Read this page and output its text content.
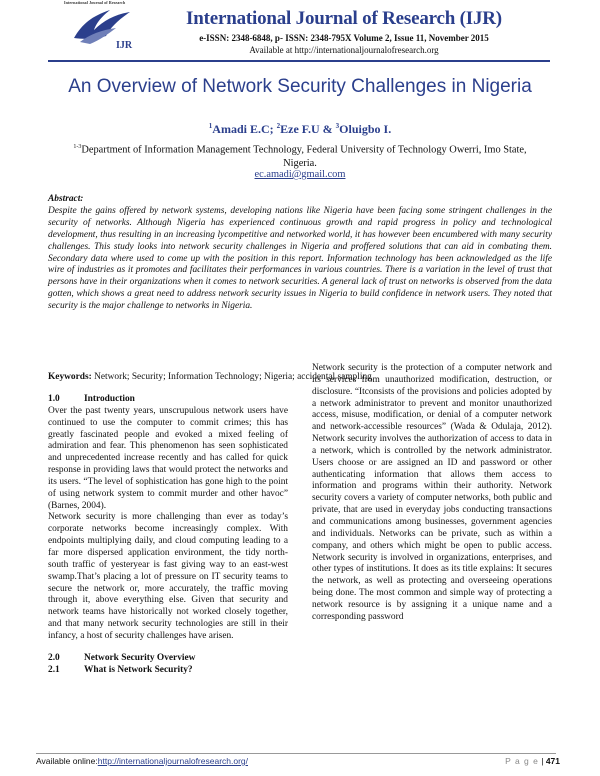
International Journal of Research
IJR
International Journal of Research (IJR)
e-ISSN: 2348-6848, p- ISSN: 2348-795X Volume 2, Issue 11, November 2015
Available at http://internationaljournalofresearch.org
An Overview of Network Security Challenges in Nigeria
$^1$Amadi E.C; $^2$Eze F.U & $^3$Oluigbo I.
$^{1-3}$Department of Information Management Technology, Federal University of Technology Owerri, Imo State, Nigeria.
ec.amadi@gmail.com
Abstract:
Despite the gains offered by network systems, developing nations like Nigeria have been facing some stringent challenges in the security of networks. Although Nigeria has experienced continuous growth and rapid progress in policy and technological development, thus resulting in an increasing lycompetitive and networked world, it has however been encumbered with many security challenges. This study looks into network security challenges in Nigeria and proffered solutions that can aid in combating them. Secondary data where used to come up with the position in this report. Information technology has been acknowledged as the life wire of industries as it promotes and facilitates their performances in various countries. There is a variation in the level of trust that persons have in their organizations when it comes to network securities. A general lack of trust on networks is observed from the data gotten, which shows a great need to address network security issues in Nigeria to build confidence in network users. They noted that security is the major challenge to networks in Nigeria.
Keywords: Network; Security; Information Technology; Nigeria; accidental sampling
1.0	Introduction

Over the past twenty years, unscrupulous network users have continued to use the computer to commit crimes; this has greatly fascinated people and evoked a mixed feeling of admiration and fear. This phenomenon has seen sophisticated and unprecedented increase recently and has called for quick response in providing laws that would protect the networks and its users. “The level of sophistication has gone high to the point of using network system to commit murder and other havoc” (Barnes, 2004).

Network security is more challenging than ever as today’s corporate networks become increasingly complex. With endpoints multiplying daily, and cloud computing leading to a far more dispersed application environment, the tidy north-south traffic of yesteryear is fast giving way to an east-west swamp.That’s placing a lot of pressure on IT security teams to secure the network or, more accurately, the traffic moving through it, above everything else. Given that security and network teams have historically not worked closely together, and that many network security technologies are still in their infancy, a host of security challenges have arisen.

2.0	Network Security Overview
2.1	What is Network Security?

Network security is the protection of a computer network and its services from unauthorized modification, destruction, or disclosure. “Itconsists of the provisions and policies adopted by a network administrator to prevent and monitor unauthorized access, misuse, modification, or denial of a computer network and network-accessible resources” (Wada & Odulaja, 2012). Network security involves the authorization of access to data in a network, which is controlled by the network administrator. Users choose or are assigned an ID and password or other authenticating information that allows them access to information and programs within their authority. Network security covers a variety of computer networks, both public and private, that are used in everyday jobs conducting transactions and communications among businesses, government agencies and individuals. Networks can be private, such as within a company, and others which might be open to public access. Network security is involved in organizations, enterprises, and other types of institutions. It does as its title explains: It secures the network, as well as protecting and overseeing operations being done. The most common and simple way of protecting a network resource is by assigning it a unique name and a corresponding password

Available online:http://internationaljournalofresearch.org/	P a g e | 471
